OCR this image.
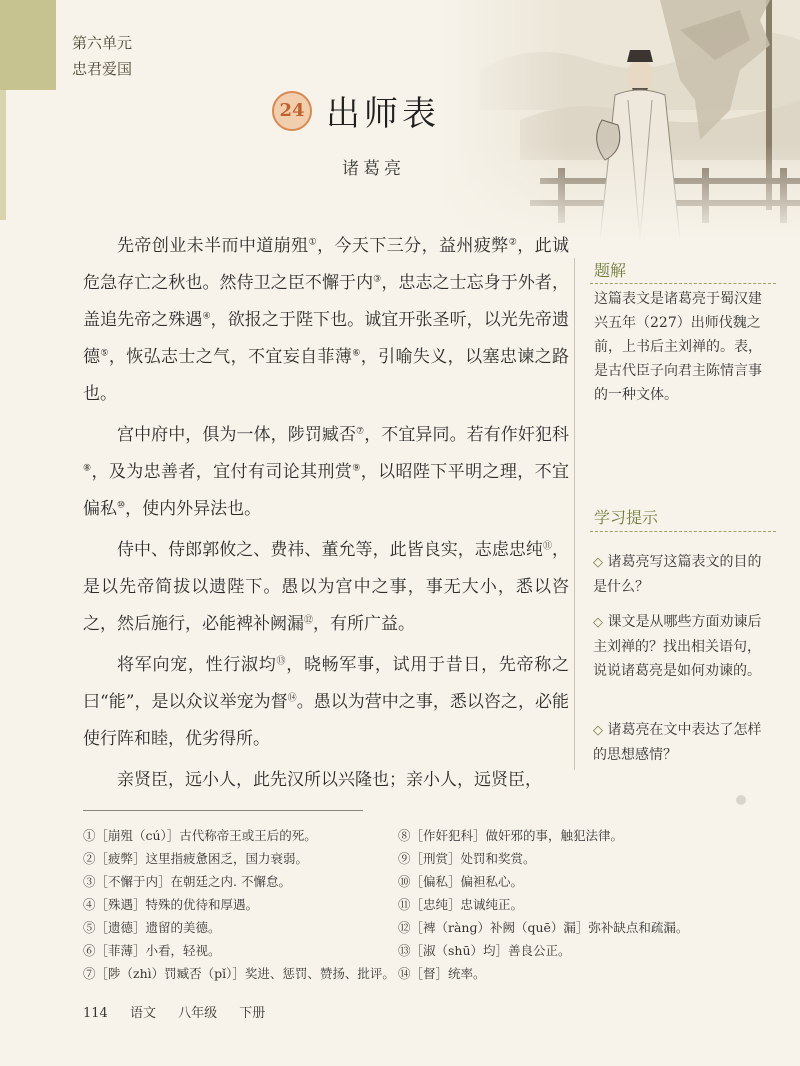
第六单元
忠君爱国
24 出师表
诸葛亮

先帝创业未半而中道崩殂①，今天下三分，益州疲弊②，此诚危急存亡之秋也。然侍卫之臣不懈于内③，忠志之士忘身于外者，盖追先帝之殊遇④，欲报之于陛下也。诚宜开张圣听，以光先帝遗德⑤，恢弘志士之气，不宜妄自菲薄⑥，引喻失义，以塞忠谏之路也。

宫中府中，俱为一体，陟罚臧否⑦，不宜异同。若有作奸犯科⑧，及为忠善者，宜付有司论其刑赏⑨，以昭陛下平明之理，不宜偏私⑩，使内外异法也。

侍中、侍郎郭攸之、费祎、董允等，此皆良实，志虑忠纯⑪，是以先帝简拔以遗陛下。愚以为宫中之事，事无大小，悉以咨之，然后施行，必能裨补阙漏⑫，有所广益。

将军向宠，性行淑均⑬，晓畅军事，试用于昔日，先帝称之曰“能”，是以众议举宠为督⑭。愚以为营中之事，悉以咨之，必能使行阵和睦，优劣得所。

亲贤臣，远小人，此先汉所以兴隆也；亲小人，远贤臣，

题解
这篇表文是诸葛亮于蜀汉建兴五年（227）出师伐魏之前，上书后主刘禅的。表，是古代臣子向君主陈情言事的一种文体。
学习提示
◇ 诸葛亮写这篇表文的目的是什么？
◇ 课文是从哪些方面劝谏后主刘禅的？找出相关语句，说说诸葛亮是如何劝谏的。
◇ 诸葛亮在文中表达了怎样的思想感情？
①［崩殂（cú）］古代称帝王或王后的死。
②［疲弊］这里指疲惫困乏，国力衰弱。
③［不懈于内］在朝廷之内. 不懈怠。
④［殊遇］特殊的优待和厚遇。
⑤［遗德］遗留的美德。
⑥［菲薄］小看，轻视。
⑦［陟（zhì）罚臧否（pǐ）］奖进、惩罚、赞扬、批评。
⑧［作奸犯科］做奸邪的事，触犯法律。
⑨［刑赏］处罚和奖赏。
⑩［偏私］偏袒私心。
⑪［忠纯］忠诚纯正。
⑫［裨（rànɡ）补阙（quē）漏］弥补缺点和疏漏。
⑬［淑（shū）均］善良公正。
⑭［督］统率。
114 语文 八年级 下册
